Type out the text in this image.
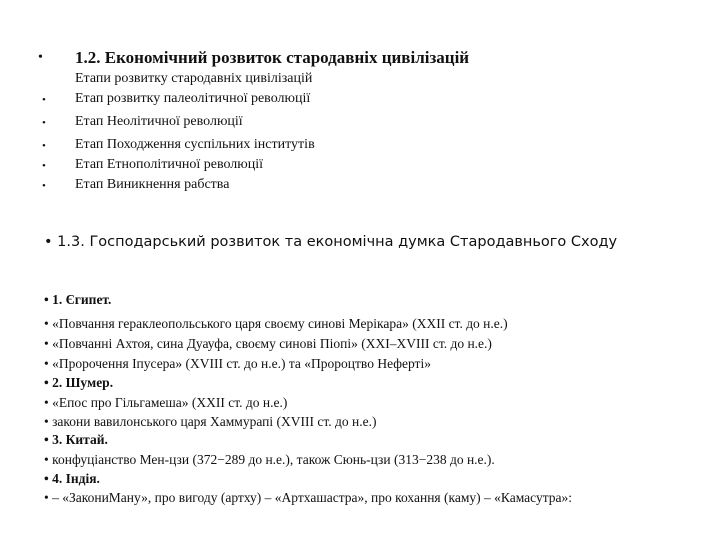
• 1.2. Економічний розвиток стародавніх цивілізацій
Етапи розвитку стародавніх цивілізацій
• Етап розвитку палеолітичної революції
• Етап Неолітичної революції
• Етап Походження суспільних інститутів
• Етап Етнополітичної революції
• Етап Виникнення рабства
• 1.3. Господарський розвиток та економічна думка Стародавнього Сходу
• 1. Єгипет.
• «Повчання гераклеопольського царя своєму синові Мерікара» (XXII ст. до н.е.)
• «Повчанні Ахтоя, сина Дуауфа, своєму синові Піопі» (XXI–XVIII ст. до н.е.)
• «Пророчення Іпусера» (XVIII ст. до н.е.) та «Пророцтво Неферті»
• 2. Шумер.
• «Епос про Гільгамеша» (XXII ст. до н.е.)
• закони вавилонського царя Хаммурапі (XVIII ст. до н.е.)
• 3. Китай.
• конфуціанство Мен-цзи (372−289 до н.е.), також Сюнь-цзи (313−238 до н.е.).
• 4. Індія.
• – «ЗакониМану», про вигоду (артху) – «Артхашастра», про кохання (каму) – «Камасутра»:
